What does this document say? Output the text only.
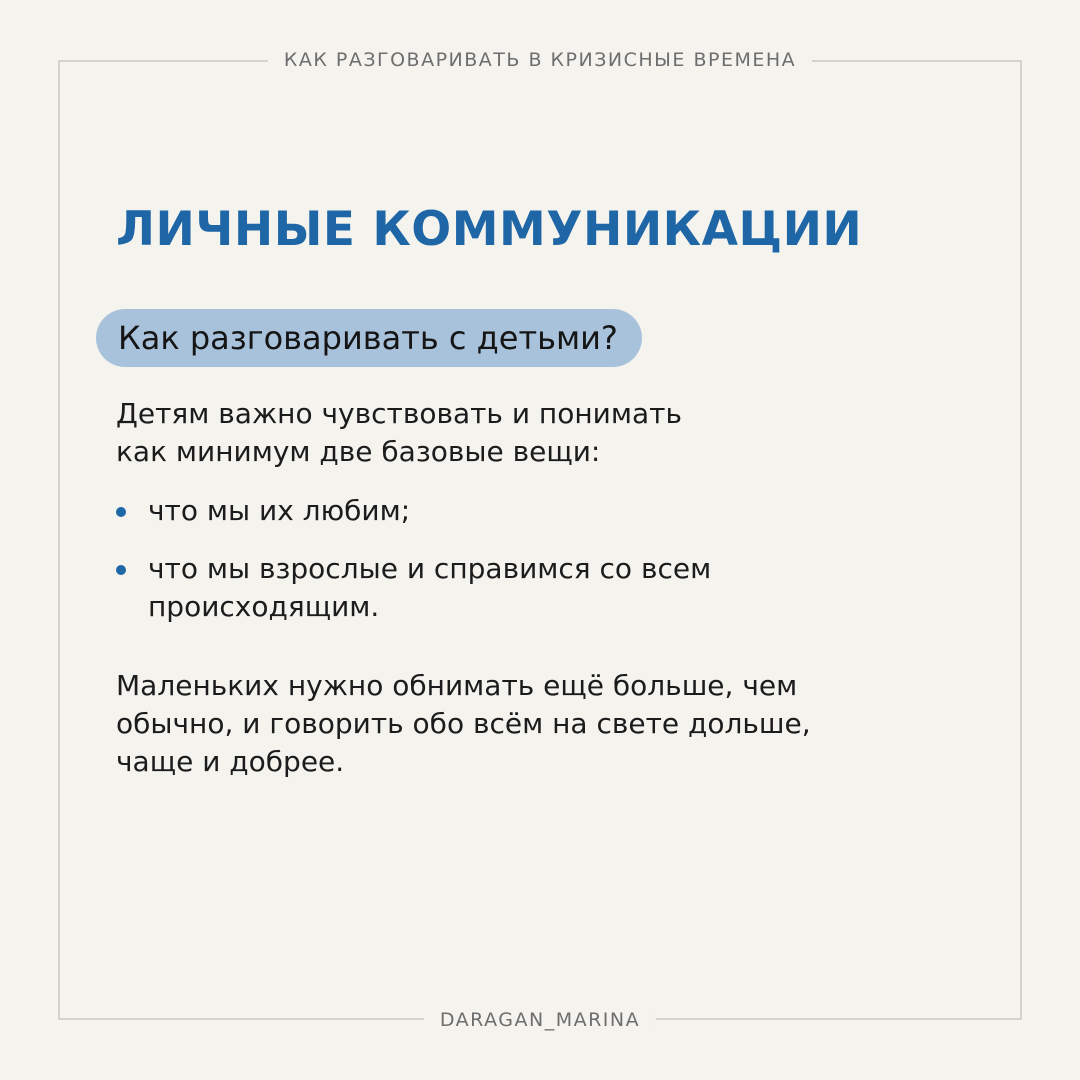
КАК РАЗГОВАРИВАТЬ В КРИЗИСНЫЕ ВРЕМЕНА
ЛИЧНЫЕ КОММУНИКАЦИИ
Как разговаривать с детьми?

Детям важно чувствовать и понимать
как минимум две базовые вещи:

что мы их любим;
что мы взрослые и справимся со всем
происходящим.

Маленьких нужно обнимать ещё больше, чем
обычно, и говорить обо всём на свете дольше,
чаще и добрее.

DARAGAN_MARINA
